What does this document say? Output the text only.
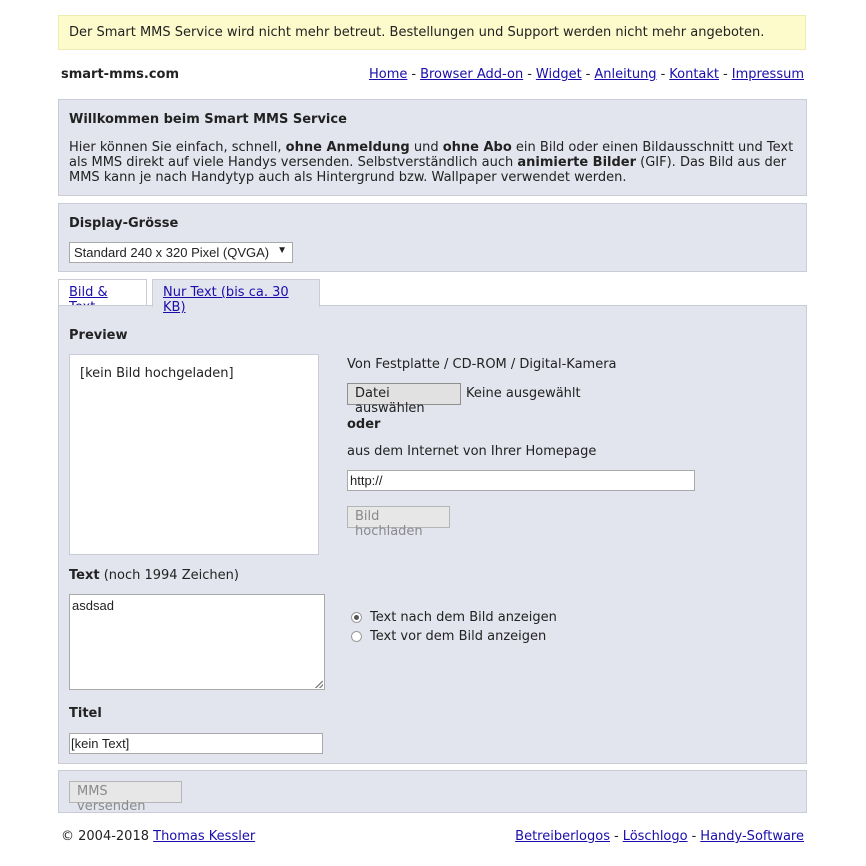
Der Smart MMS Service wird nicht mehr betreut. Bestellungen und Support werden nicht mehr angeboten.
smart-mms.com	Home - Browser Add-on - Widget - Anleitung - Kontakt - Impressum
Willkommen beim Smart MMS Service

Hier können Sie einfach, schnell, ohne Anmeldung und ohne Abo ein Bild oder einen Bildausschnitt und Text als MMS direkt auf viele Handys versenden. Selbstverständlich auch animierte Bilder (GIF). Das Bild aus der MMS kann je nach Handytyp auch als Hintergrund bzw. Wallpaper verwendet werden.

Display-Grösse
Standard 240 x 320 Pixel (QVGA) ▼
Bild &	Nur Text (bis ca. 30 KB)
Preview
[kein Bild hochgeladen]
Von Festplatte / CD-ROM / Digital-Kamera
Datei auswählen
Keine ausgewählt
oder
aus dem Internet von Ihrer Homepage
http://
Bild hochladen
Text (noch 1994 Zeichen)
asdsad
Text nach dem Bild anzeigen
Text vor dem Bild anzeigen
Titel
[kein Text]
MMS versenden
© 2004-2018 Thomas Kessler	Betreiberlogos - Löschlogo - Handy-Software
